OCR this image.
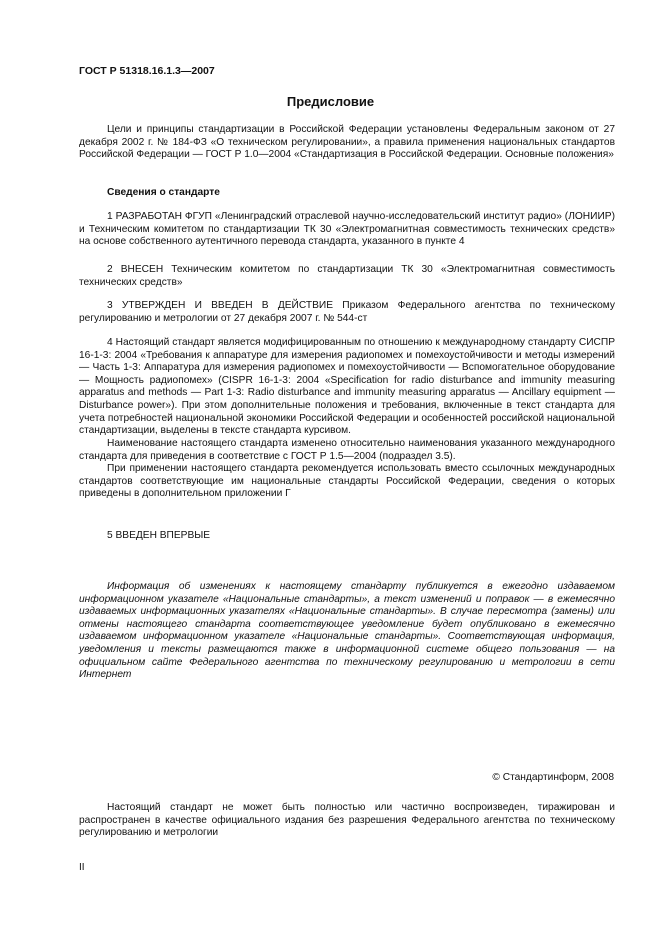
ГОСТ Р 51318.16.1.3—2007
Предисловие

Цели и принципы стандартизации в Российской Федерации установлены Федеральным законом от 27 декабря 2002 г. № 184-ФЗ «О техническом регулировании», а правила применения национальных стандартов Российской Федерации — ГОСТ Р 1.0—2004 «Стандартизация в Российской Федерации. Основные положения»

Сведения о стандарте

1 РАЗРАБОТАН ФГУП «Ленинградский отраслевой научно-исследовательский институт радио» (ЛОНИИР) и Техническим комитетом по стандартизации ТК 30 «Электромагнитная совместимость технических средств» на основе собственного аутентичного перевода стандарта, указанного в пункте 4

2 ВНЕСЕН Техническим комитетом по стандартизации ТК 30 «Электромагнитная совместимость технических средств»

3 УТВЕРЖДЕН И ВВЕДЕН В ДЕЙСТВИЕ Приказом Федерального агентства по техническому регулированию и метрологии от 27 декабря 2007 г. № 544-ст

4 Настоящий стандарт является модифицированным по отношению к международному стандарту СИСПР 16-1-3: 2004 «Требования к аппаратуре для измерения радиопомех и помехоустойчивости и методы измерений — Часть 1-3: Аппаратура для измерения радиопомех и помехоустойчивости — Вспомогательное оборудование — Мощность радиопомех» (CISPR 16-1-3: 2004 «Specification for radio disturbance and immunity measuring apparatus and methods — Part 1-3: Radio disturbance and immunity measuring apparatus — Ancillary equipment — Disturbance power»). При этом дополнительные положения и требования, включенные в текст стандарта для учета потребностей национальной экономики Российской Федерации и особенностей российской национальной стандартизации, выделены в тексте стандарта курсивом.

Наименование настоящего стандарта изменено относительно наименования указанного международного стандарта для приведения в соответствие с ГОСТ Р 1.5—2004 (подраздел 3.5).

При применении настоящего стандарта рекомендуется использовать вместо ссылочных международных стандартов соответствующие им национальные стандарты Российской Федерации, сведения о которых приведены в дополнительном приложении Г

5 ВВЕДЕН ВПЕРВЫЕ

Информация об изменениях к настоящему стандарту публикуется в ежегодно издаваемом информационном указателе «Национальные стандарты», а текст изменений и поправок — в ежемесячно издаваемых информационных указателях «Национальные стандарты». В случае пересмотра (замены) или отмены настоящего стандарта соответствующее уведомление будет опубликовано в ежемесячно издаваемом информационном указателе «Национальные стандарты». Соответствующая информация, уведомления и тексты размещаются также в информационной системе общего пользования — на официальном сайте Федерального агентства по техническому регулированию и метрологии в сети Интернет

© Стандартинформ, 2008

Настоящий стандарт не может быть полностью или частично воспроизведен, тиражирован и распространен в качестве официального издания без разрешения Федерального агентства по техническому регулированию и метрологии

II
